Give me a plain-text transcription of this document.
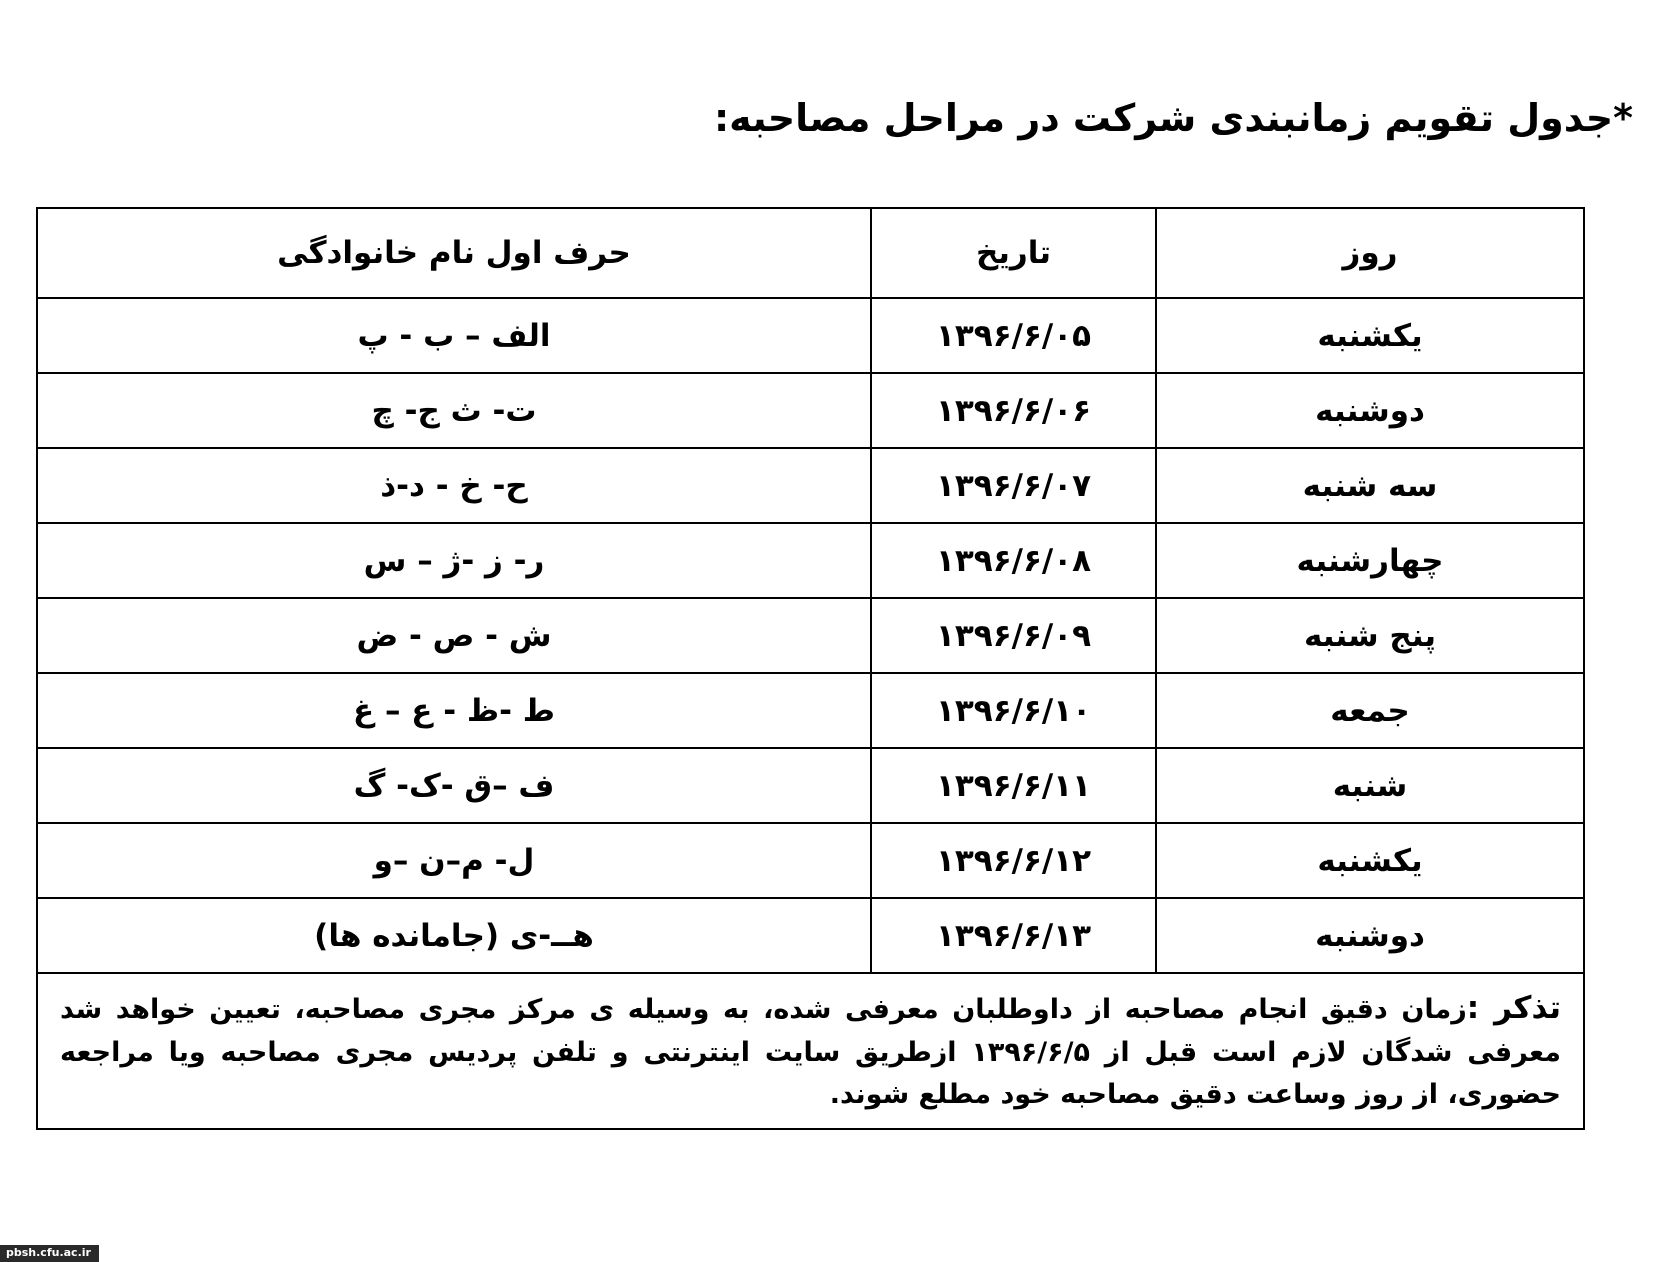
*جدول تقویم زمانبندی شرکت در مراحل مصاحبه:
روز	تاریخ	حرف اول نام خانوادگی
یکشنبه	۱۳۹۶/۶/۰۵	الف – ب - پ
دوشنبه	۱۳۹۶/۶/۰۶	ت- ث ج- چ
سه شنبه	۱۳۹۶/۶/۰۷	ح- خ - د-ذ
چهارشنبه	۱۳۹۶/۶/۰۸	ر- ز -ژ – س
پنج شنبه	۱۳۹۶/۶/۰۹	ش - ص - ض
جمعه	۱۳۹۶/۶/۱۰	ط -ظ - ع – غ
شنبه	۱۳۹۶/۶/۱۱	ف –ق -ک- گ
یکشنبه	۱۳۹۶/۶/۱۲	ل- م–ن –و
دوشنبه	۱۳۹۶/۶/۱۳	هــ-ی (جامانده ها)
تذکر :زمان دقیق انجام مصاحبه از داوطلبان معرفی شده، به وسیله ی مرکز مجری مصاحبه، تعیین خواهد شد معرفی شدگان لازم است قبل از ۱۳۹۶/۶/۵ ازطریق سایت اینترنتی و تلفن پردیس مجری مصاحبه ویا مراجعه حضوری، از روز وساعت دقیق مصاحبه خود مطلع شوند.		
pbsh.cfu.ac.ir
